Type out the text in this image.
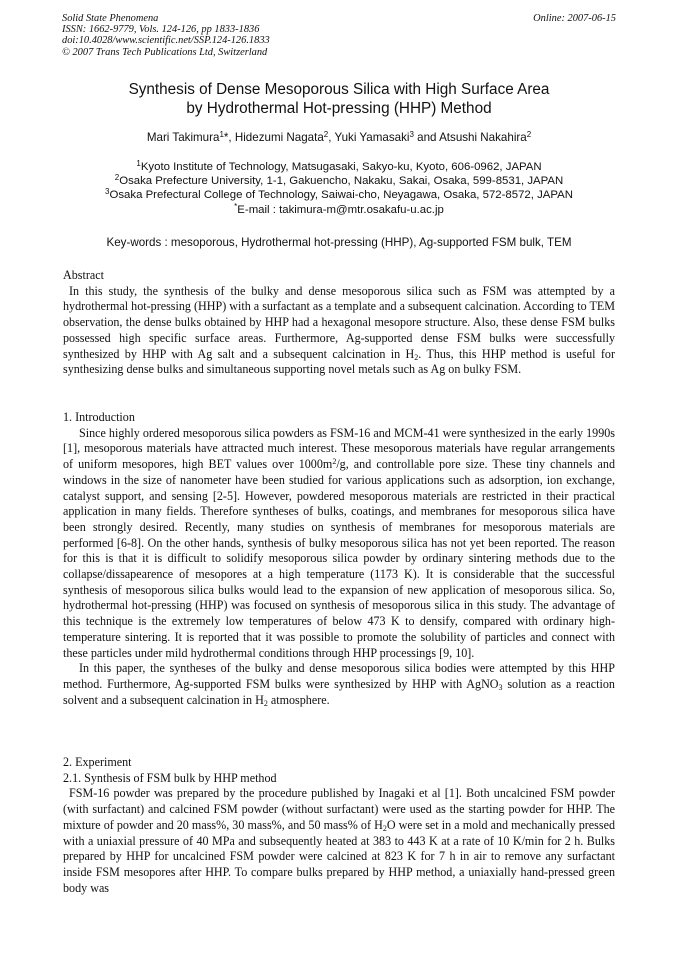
Solid State Phenomena
ISSN: 1662-9779, Vols. 124-126, pp 1833-1836
doi:10.4028/www.scientific.net/SSP.124-126.1833
© 2007 Trans Tech Publications Ltd, Switzerland
Online: 2007-06-15
Synthesis of Dense Mesoporous Silica with High Surface Area
by Hydrothermal Hot-pressing (HHP) Method
Mari Takimura$^1$*, Hidezumi Nagata$^2$, Yuki Yamasaki$^3$ and Atsushi Nakahira$^2$
$^1$Kyoto Institute of Technology, Matsugasaki, Sakyo-ku, Kyoto, 606-0962, JAPAN
$^2$Osaka Prefecture University, 1-1, Gakuencho, Nakaku, Sakai, Osaka, 599-8531, JAPAN
$^3$Osaka Prefectural College of Technology, Saiwai-cho, Neyagawa, Osaka, 572-8572, JAPAN
*E-mail : takimura-m@mtr.osakafu-u.ac.jp
Key-words : mesoporous, Hydrothermal hot-pressing (HHP), Ag-supported FSM bulk, TEM

Abstract

In this study, the synthesis of the bulky and dense mesoporous silica such as FSM was attempted by a hydrothermal hot-pressing (HHP) with a surfactant as a template and a subsequent calcination. According to TEM observation, the dense bulks obtained by HHP had a hexagonal mesopore structure. Also, these dense FSM bulks possessed high specific surface areas. Furthermore, Ag-supported dense FSM bulks were successfully synthesized by HHP with Ag salt and a subsequent calcination in $H_2$. Thus, this HHP method is useful for synthesizing dense bulks and simultaneous supporting novel metals such as Ag on bulky FSM.

1. Introduction

Since highly ordered mesoporous silica powders as FSM-16 and MCM-41 were synthesized in the early 1990s [1], mesoporous materials have attracted much interest. These mesoporous materials have regular arrangements of uniform mesopores, high BET values over $1000m^2/g$, and controllable pore size. These tiny channels and windows in the size of nanometer have been studied for various applications such as adsorption, ion exchange, catalyst support, and sensing [2-5]. However, powdered mesoporous materials are restricted in their practical application in many fields. Therefore syntheses of bulks, coatings, and membranes for mesoporous silica have been strongly desired. Recently, many studies on synthesis of membranes for mesoporous materials are performed [6-8]. On the other hands, synthesis of bulky mesoporous silica has not yet been reported. The reason for this is that it is difficult to solidify mesoporous silica powder by ordinary sintering methods due to the collapse/dissapearence of mesopores at a high temperature (1173 K). It is considerable that the successful synthesis of mesoporous silica bulks would lead to the expansion of new application of mesoporous silica. So, hydrothermal hot-pressing (HHP) was focused on synthesis of mesoporous silica in this study. The advantage of this technique is the extremely low temperatures of below 473 K to densify, compared with ordinary high-temperature sintering. It is reported that it was possible to promote the solubility of particles and connect with these particles under mild hydrothermal conditions through HHP processings [9, 10].

In this paper, the syntheses of the bulky and dense mesoporous silica bodies were attempted by this HHP method. Furthermore, Ag-supported FSM bulks were synthesized by HHP with AgNO$_3$ solution as a reaction solvent and a subsequent calcination in $H_2$ atmosphere.

2. Experiment

2.1. Synthesis of FSM bulk by HHP method

FSM-16 powder was prepared by the procedure published by Inagaki et al [1]. Both uncalcined FSM powder (with surfactant) and calcined FSM powder (without surfactant) were used as the starting powder for HHP. The mixture of powder and 20 mass%, 30 mass%, and 50 mass% of $H_2O$ were set in a mold and mechanically pressed with a uniaxial pressure of 40 MPa and subsequently heated at 383 to 443 K at a rate of 10 K/min for 2 h. Bulks prepared by HHP for uncalcined FSM powder were calcined at 823 K for 7 h in air to remove any surfactant inside FSM mesopores after HHP. To compare bulks prepared by HHP method, a uniaxially hand-pressed green body was
